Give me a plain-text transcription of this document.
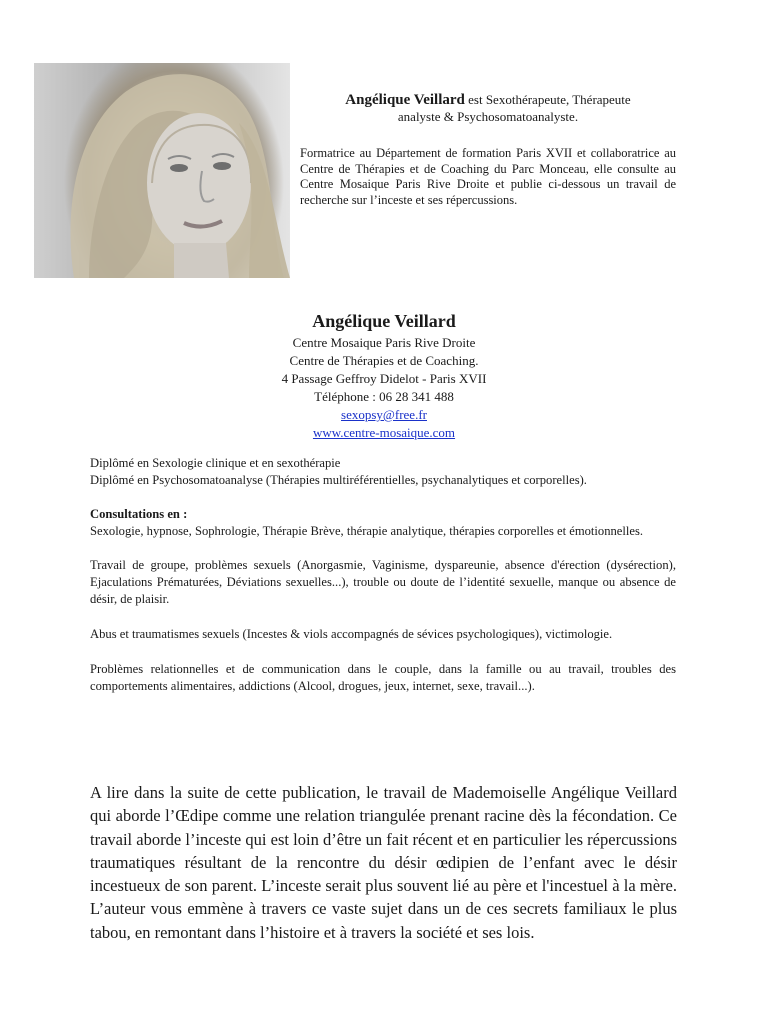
Angélique Veillard est Sexothérapeute, Thérapeute
analyste & Psychosomatoanalyste.
Formatrice au Département de formation Paris XVII et collaboratrice au Centre de Thérapies et de Coaching du Parc Monceau, elle consulte au Centre Mosaique Paris Rive Droite et publie ci-dessous un travail de recherche sur l’inceste et ses répercussions.
Angélique Veillard
Centre Mosaique Paris Rive Droite
Centre de Thérapies et de Coaching.
4 Passage Geffroy Didelot - Paris XVII
Téléphone : 06 28 341 488
sexopsy@free.fr
www.centre-mosaique.com

Diplômé en Sexologie clinique et en sexothérapie

Diplômé en Psychosomatoanalyse (Thérapies multiréférentielles, psychanalytiques et corporelles).

Consultations en :

Sexologie, hypnose, Sophrologie, Thérapie Brève, thérapie analytique, thérapies corporelles et émotionnelles.

Travail de groupe, problèmes sexuels (Anorgasmie, Vaginisme, dyspareunie, absence d'érection (dysérection), Ejaculations Prématurées, Déviations sexuelles...), trouble ou doute de l’identité sexuelle, manque ou absence de désir, de plaisir.

Abus et traumatismes sexuels (Incestes & viols accompagnés de sévices psychologiques), victimologie.

Problèmes relationnelles et de communication dans le couple, dans la famille ou au travail, troubles des comportements alimentaires, addictions (Alcool, drogues, jeux, internet, sexe, travail...).

A lire dans la suite de cette publication, le travail de Mademoiselle Angélique Veillard qui aborde l’Œdipe comme une relation triangulée prenant racine dès la fécondation. Ce travail aborde l’inceste qui est loin d’être un fait récent et en particulier les répercussions traumatiques résultant de la rencontre du désir œdipien de l’enfant avec le désir incestueux de son parent. L’inceste serait plus souvent lié au père et l'incestuel à la mère. L’auteur vous emmène à travers ce vaste sujet dans un de ces secrets familiaux le plus tabou, en remontant dans l’histoire et à travers la société et ses lois.
